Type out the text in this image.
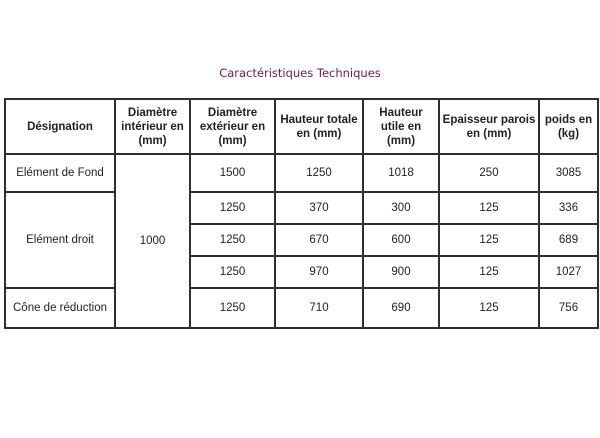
Caractéristiques Techniques
Désignation	Diamètre intérieur en (mm)	Diamètre extérieur en (mm)	Hauteur totale en (mm)	Hauteur utile en (mm)	Epaisseur parois en (mm)	poids en (kg)
Elément de Fond	1000	1500	1250	1018	250	3085
Elément droit		1250	370	300	125	336
		1250	670	600	125	689
		1250	970	900	125	1027
Cône de réduction		1250	710	690	125	756
